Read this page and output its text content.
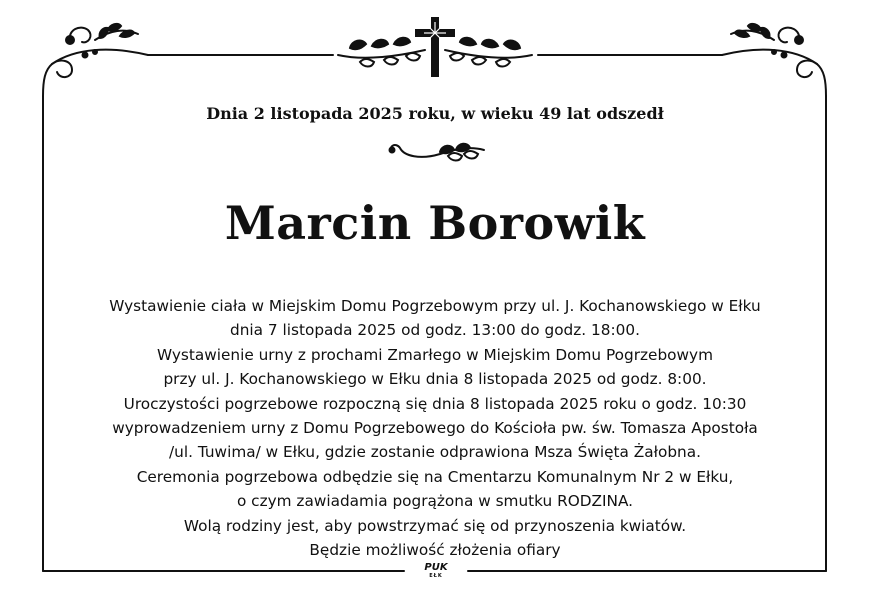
Dnia 2 listopada 2025 roku, w wieku 49 lat odszedł
Marcin Borowik
Wystawienie ciała w Miejskim Domu Pogrzebowym przy ul. J. Kochanowskiego w Ełku
dnia 7 listopada 2025 od godz. 13:00 do godz. 18:00.
Wystawienie urny z prochami Zmarłego w Miejskim Domu Pogrzebowym
przy ul. J. Kochanowskiego w Ełku dnia 8 listopada 2025 od godz. 8:00.
Uroczystości pogrzebowe rozpoczną się dnia 8 listopada 2025 roku o godz. 10:30
wyprowadzeniem urny z Domu Pogrzebowego do Kościoła pw. św. Tomasza Apostoła
/ul. Tuwima/ w Ełku, gdzie zostanie odprawiona Msza Święta Żałobna.
Ceremonia pogrzebowa odbędzie się na Cmentarzu Komunalnym Nr 2 w Ełku,
o czym zawiadamia pogrążona w smutku RODZINA.
Wolą rodziny jest, aby powstrzymać się od przynoszenia kwiatów.
Będzie możliwość złożenia ofiary
PUK
EŁK
